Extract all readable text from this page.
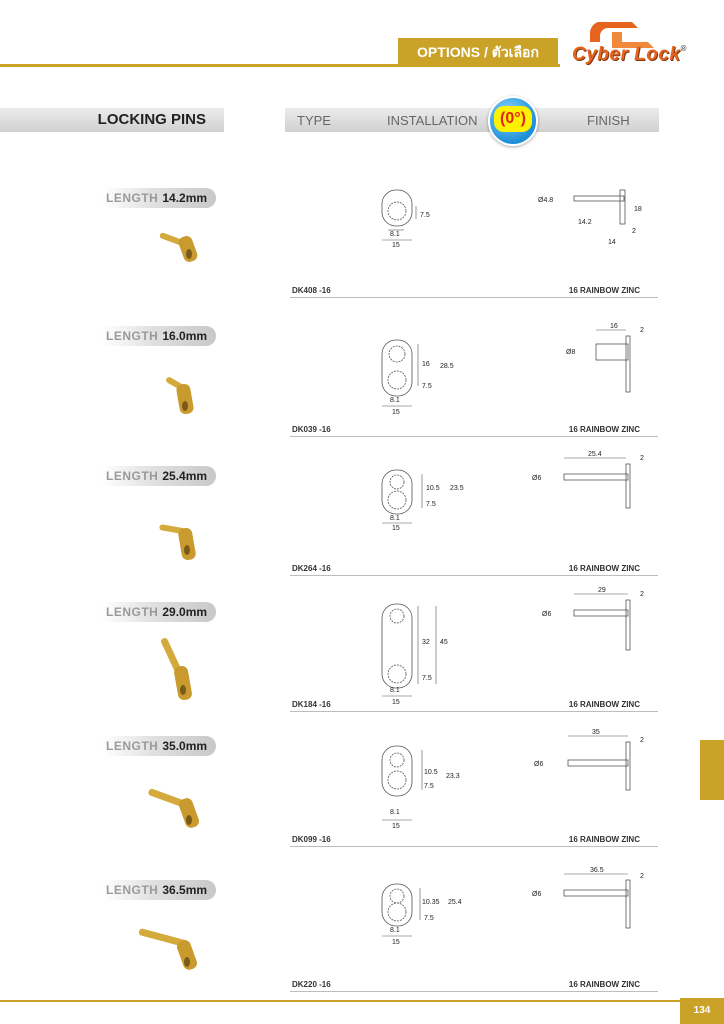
OPTIONS / ตัวเลือก	Cyber Lock®
LOCKING PINS	TYPE	INSTALLATION	FINISH
(0°)
LENGTH 14.2mm
7.5
8.1
15
Ø4.8
18
14.2
2
14
DK408 -16	16 RAINBOW ZINC
LENGTH 16.0mm
16 28.5
7.5
8.1
15
16
2
Ø8
DK039 -16	16 RAINBOW ZINC
LENGTH 25.4mm
10.5 23.5
7.5
8.1
15
25.4
2
Ø6
DK264 -16	16 RAINBOW ZINC
LENGTH 29.0mm
32 45
7.5
8.1
15
29
2
Ø6
DK184 -16	16 RAINBOW ZINC
LENGTH 35.0mm
10.5
23.3
7.5
8.1
15
35
2
Ø6
DK099 -16	16 RAINBOW ZINC
LENGTH 36.5mm
10.35 25.4
7.5
8.1
15
36.5
2
Ø6
DK220 -16	16 RAINBOW ZINC
134
